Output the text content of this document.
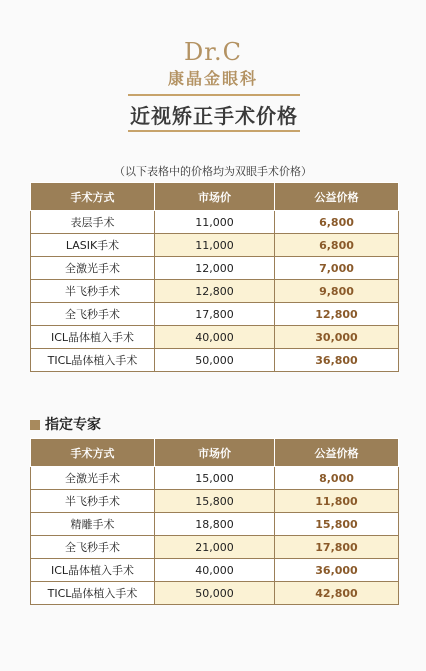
Dr.C
康晶金眼科
近视矫正手术价格
（以下表格中的价格均为双眼手术价格）
手术方式	市场价	公益价格
表层手术	11,000	6,800
LASIK手术	11,000	6,800
全激光手术	12,000	7,000
半飞秒手术	12,800	9,800
全飞秒手术	17,800	12,800
ICL晶体植入手术	40,000	30,000
TICL晶体植入手术	50,000	36,800
指定专家
手术方式	市场价	公益价格
全激光手术	15,000	8,000
半飞秒手术	15,800	11,800
精雕手术	18,800	15,800
全飞秒手术	21,000	17,800
ICL晶体植入手术	40,000	36,000
TICL晶体植入手术	50,000	42,800
